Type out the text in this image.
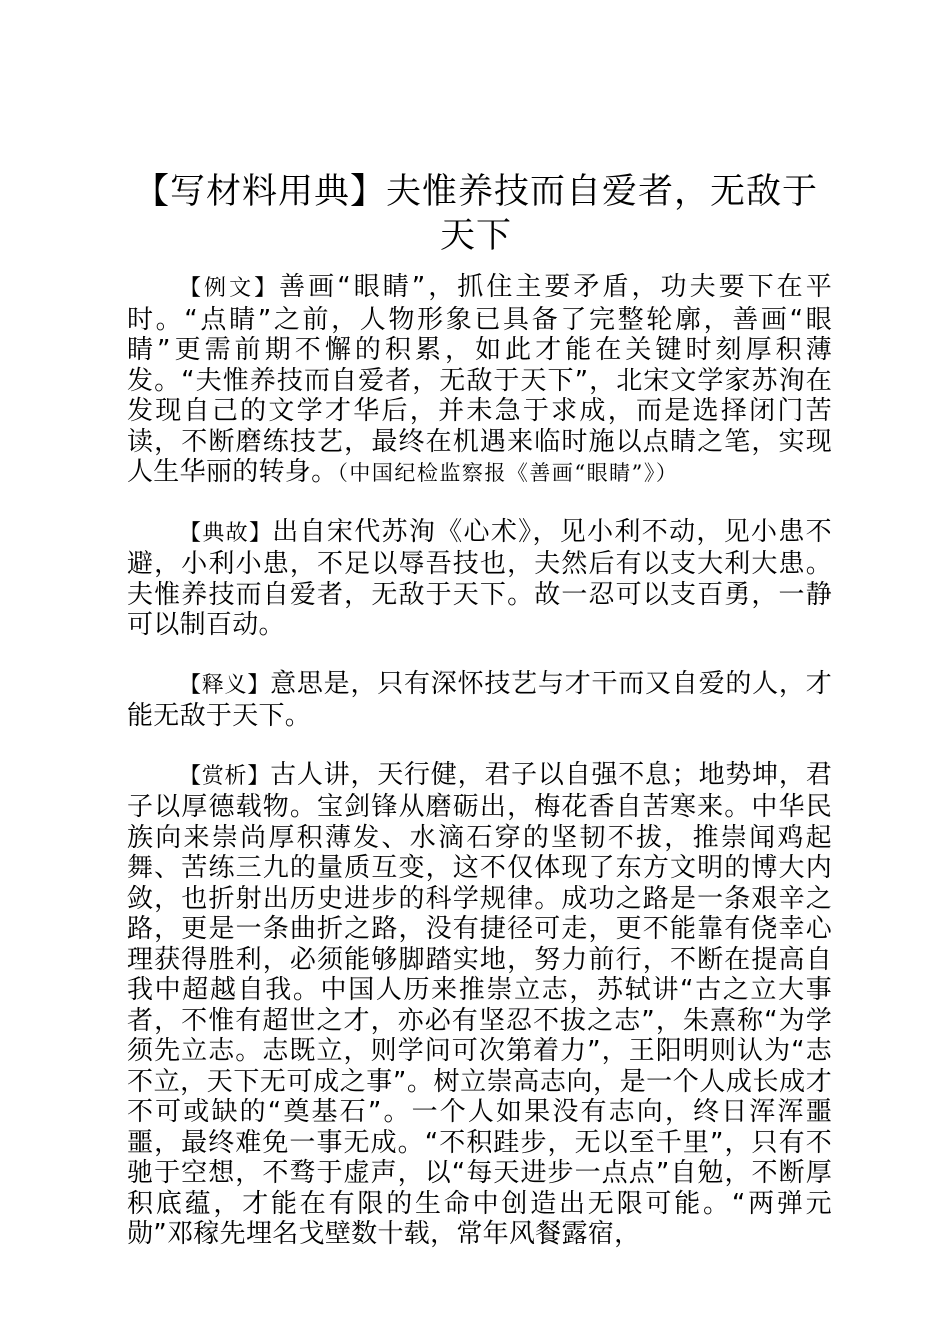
【写材料用典】夫惟养技而自爱者，无敌于天下

【例文】善画“眼睛”，抓住主要矛盾，功夫要下在平时。“点睛”之前，人物形象已具备了完整轮廓，善画“眼睛”更需前期不懈的积累，如此才能在关键时刻厚积薄发。“夫惟养技而自爱者，无敌于天下”，北宋文学家苏洵在发现自己的文学才华后，并未急于求成，而是选择闭门苦读，不断磨练技艺，最终在机遇来临时施以点睛之笔，实现人生华丽的转身。（中国纪检监察报《善画“眼睛”》）

【典故】出自宋代苏洵《心术》，见小利不动，见小患不避，小利小患，不足以辱吾技也，夫然后有以支大利大患。夫惟养技而自爱者，无敌于天下。故一忍可以支百勇，一静可以制百动。

【释义】意思是，只有深怀技艺与才干而又自爱的人，才能无敌于天下。

【赏析】古人讲，天行健，君子以自强不息；地势坤，君子以厚德载物。宝剑锋从磨砺出，梅花香自苦寒来。中华民族向来崇尚厚积薄发、水滴石穿的坚韧不拔，推崇闻鸡起舞、苦练三九的量质互变，这不仅体现了东方文明的博大内敛，也折射出历史进步的科学规律。成功之路是一条艰辛之路，更是一条曲折之路，没有捷径可走，更不能靠有侥幸心理获得胜利，必须能够脚踏实地，努力前行，不断在提高自我中超越自我。中国人历来推崇立志，苏轼讲“古之立大事者，不惟有超世之才，亦必有坚忍不拔之志”，朱熹称“为学须先立志。志既立，则学问可次第着力”，王阳明则认为“志不立，天下无可成之事”。树立崇高志向，是一个人成长成才不可或缺的“奠基石”。一个人如果没有志向，终日浑浑噩噩，最终难免一事无成。“不积跬步，无以至千里”，只有不驰于空想，不骛于虚声，以“每天进步一点点”自勉，不断厚积底蕴，才能在有限的生命中创造出无限可能。“两弹元勋”邓稼先埋名戈壁数十载，常年风餐露宿，
